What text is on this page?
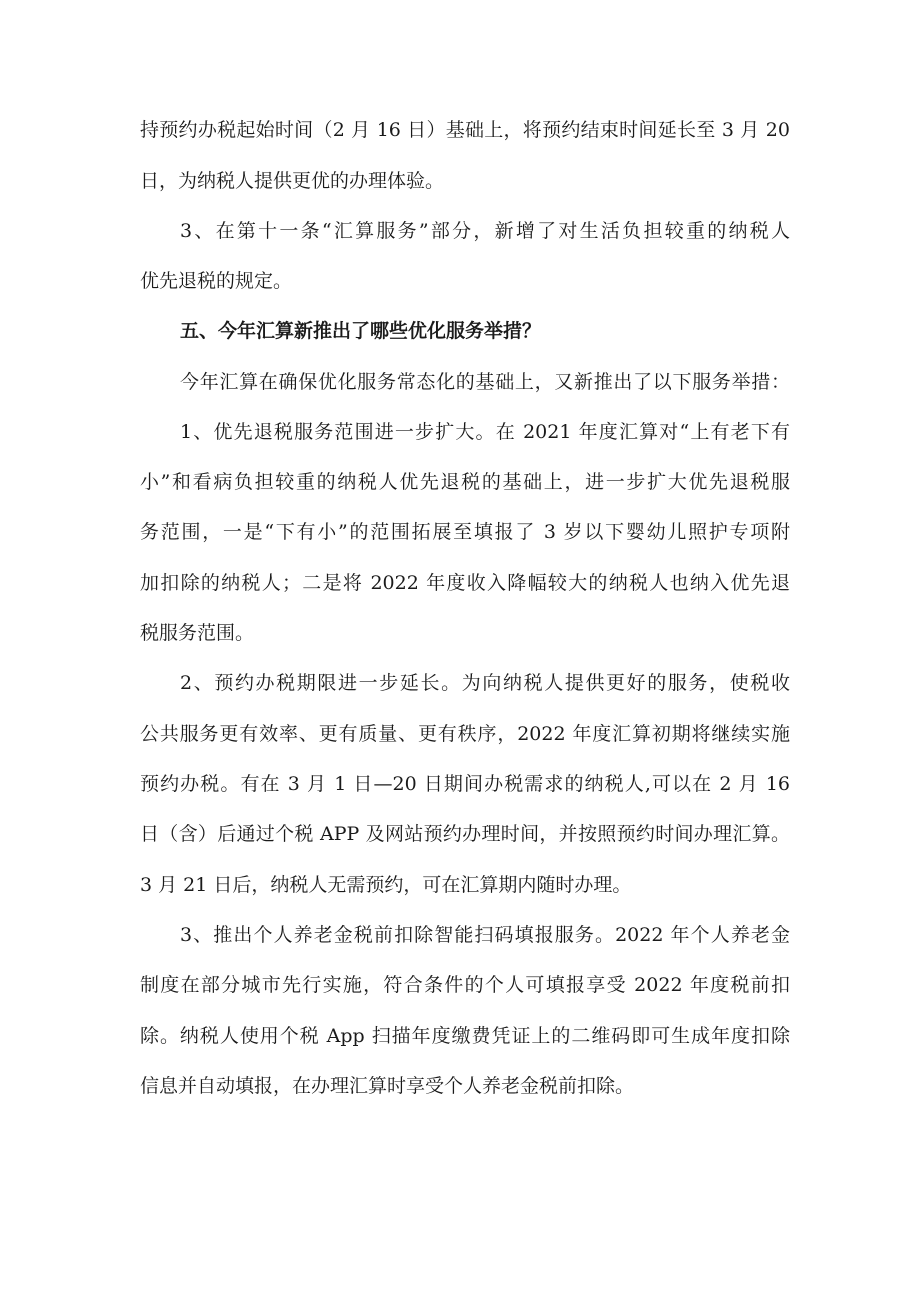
持预约办税起始时间（2 月 16 日）基础上，将预约结束时间延长至 3 月 20
日，为纳税人提供更优的办理体验。
3、在第十一条“汇算服务”部分，新增了对生活负担较重的纳税人
优先退税的规定。
五、今年汇算新推出了哪些优化服务举措？
今年汇算在确保优化服务常态化的基础上，又新推出了以下服务举措：
1、优先退税服务范围进一步扩大。在 2021 年度汇算对“上有老下有
小”和看病负担较重的纳税人优先退税的基础上，进一步扩大优先退税服
务范围，一是“下有小”的范围拓展至填报了 3 岁以下婴幼儿照护专项附
加扣除的纳税人；二是将 2022 年度收入降幅较大的纳税人也纳入优先退
税服务范围。
2、预约办税期限进一步延长。为向纳税人提供更好的服务，使税收
公共服务更有效率、更有质量、更有秩序，2022 年度汇算初期将继续实施
预约办税。有在 3 月 1 日—20 日期间办税需求的纳税人,可以在 2 月 16
日（含）后通过个税 APP 及网站预约办理时间，并按照预约时间办理汇算。
3 月 21 日后，纳税人无需预约，可在汇算期内随时办理。
3、推出个人养老金税前扣除智能扫码填报服务。2022 年个人养老金
制度在部分城市先行实施，符合条件的个人可填报享受 2022 年度税前扣
除。纳税人使用个税 App 扫描年度缴费凭证上的二维码即可生成年度扣除
信息并自动填报，在办理汇算时享受个人养老金税前扣除。
